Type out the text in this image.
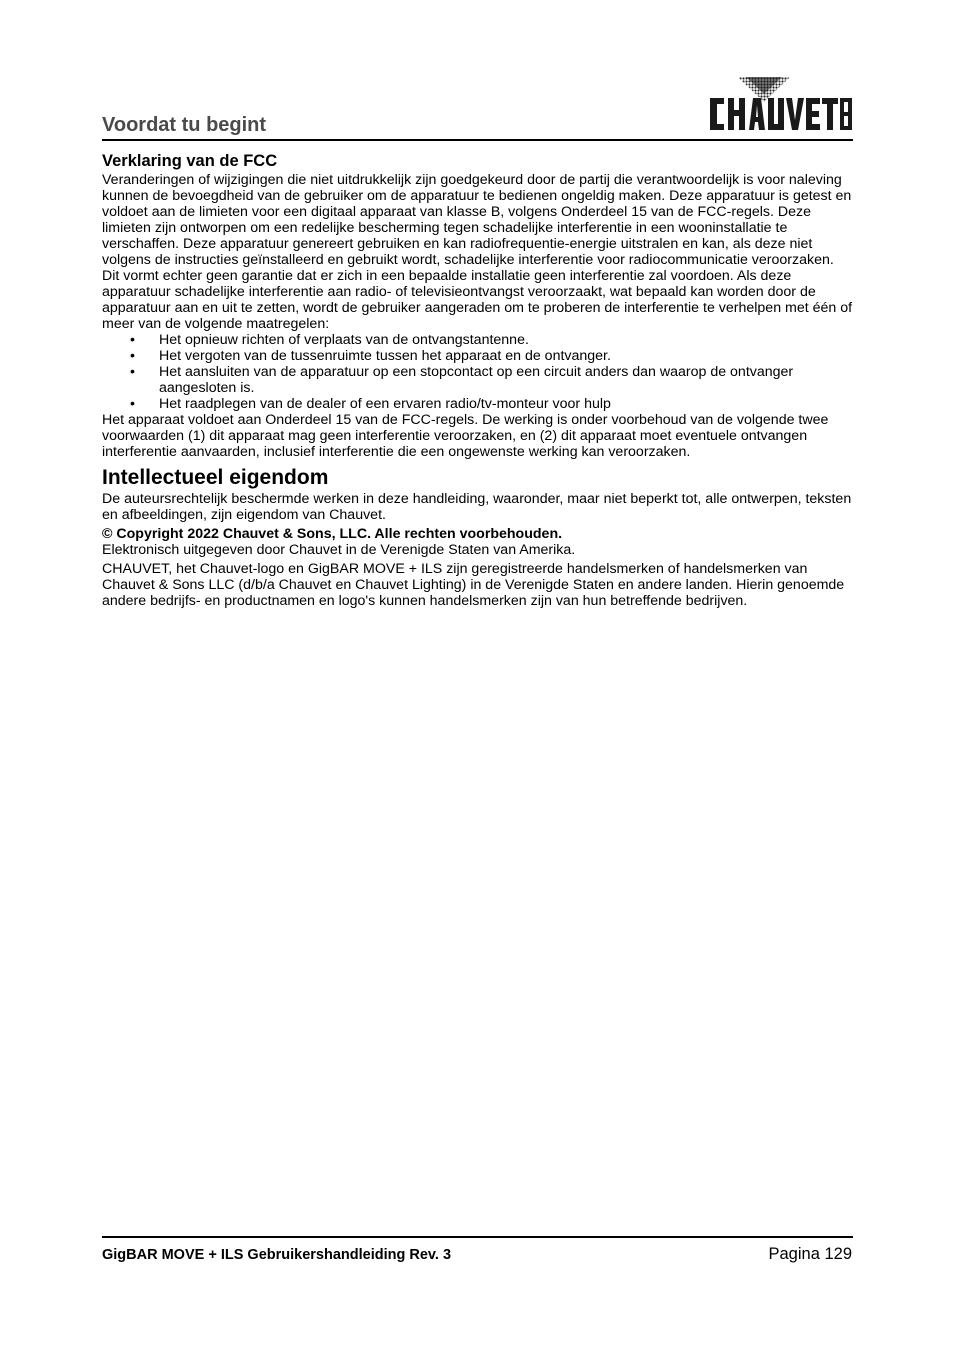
Voordat tu begint
Verklaring van de FCC

Veranderingen of wijzigingen die niet uitdrukkelijk zijn goedgekeurd door de partij die verantwoordelijk is voor naleving kunnen de bevoegdheid van de gebruiker om de apparatuur te bedienen ongeldig maken. Deze apparatuur is getest en voldoet aan de limieten voor een digitaal apparaat van klasse B, volgens Onderdeel 15 van de FCC-regels. Deze limieten zijn ontworpen om een redelijke bescherming tegen schadelijke interferentie in een wooninstallatie te verschaffen. Deze apparatuur genereert gebruiken en kan radiofrequentie-energie uitstralen en kan, als deze niet volgens de instructies geïnstalleerd en gebruikt wordt, schadelijke interferentie voor radiocommunicatie veroorzaken. Dit vormt echter geen garantie dat er zich in een bepaalde installatie geen interferentie zal voordoen. Als deze apparatuur schadelijke interferentie aan radio- of televisieontvangst veroorzaakt, wat bepaald kan worden door de apparatuur aan en uit te zetten, wordt de gebruiker aangeraden om te proberen de interferentie te verhelpen met één of meer van de volgende maatregelen:

• Het opnieuw richten of verplaats van de ontvangstantenne.
• Het vergoten van de tussenruimte tussen het apparaat en de ontvanger.
• Het aansluiten van de apparatuur op een stopcontact op een circuit anders dan waarop de ontvanger aangesloten is.
• Het raadplegen van de dealer of een ervaren radio/tv-monteur voor hulp

Het apparaat voldoet aan Onderdeel 15 van de FCC-regels. De werking is onder voorbehoud van de volgende twee voorwaarden (1) dit apparaat mag geen interferentie veroorzaken, en (2) dit apparaat moet eventuele ontvangen interferentie aanvaarden, inclusief interferentie die een ongewenste werking kan veroorzaken.

Intellectueel eigendom

De auteursrechtelijk beschermde werken in deze handleiding, waaronder, maar niet beperkt tot, alle ontwerpen, teksten en afbeeldingen, zijn eigendom van Chauvet.

© Copyright 2022 Chauvet & Sons, LLC. Alle rechten voorbehouden.

Elektronisch uitgegeven door Chauvet in de Verenigde Staten van Amerika.

CHAUVET, het Chauvet-logo en GigBAR MOVE + ILS zijn geregistreerde handelsmerken of handelsmerken van Chauvet & Sons LLC (d/b/a Chauvet en Chauvet Lighting) in de Verenigde Staten en andere landen. Hierin genoemde andere bedrijfs- en productnamen en logo's kunnen handelsmerken zijn van hun betreffende bedrijven.

GigBAR MOVE + ILS Gebruikershandleiding Rev. 3	Pagina 129
